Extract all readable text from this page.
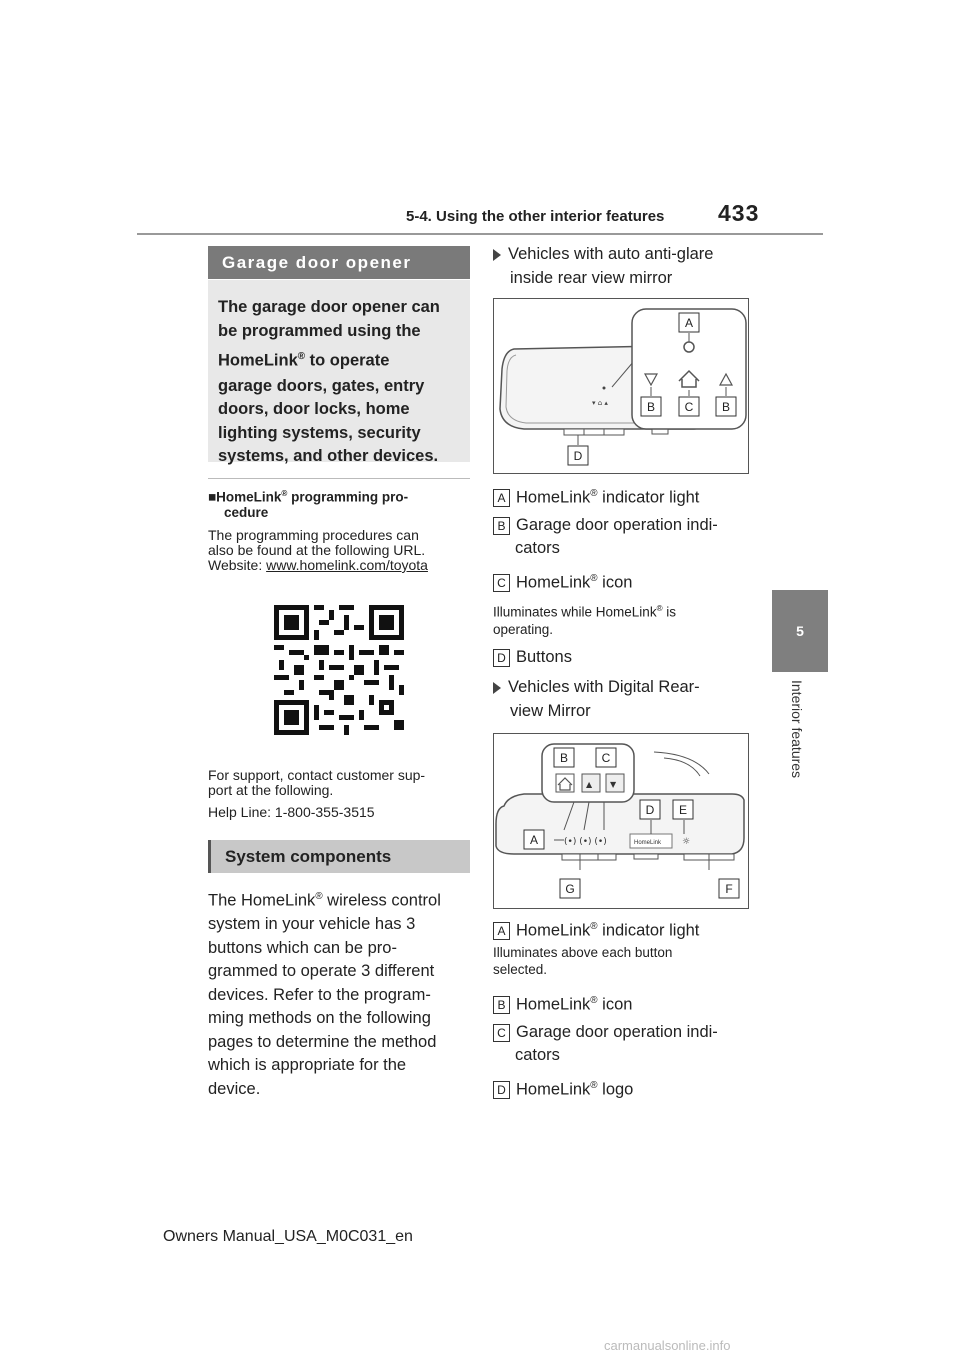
5-4. Using the other interior features 433
5
Interior features
Garage door opener
The garage door opener can
be programmed using the
HomeLink® to operate
garage doors, gates, entry
doors, door locks, home
lighting systems, security
systems, and other devices.
■HomeLink® programming pro-
cedure
The programming procedures can
also be found at the following URL.
Website: www.homelink.com/toyota
For support, contact customer sup-
port at the following.
Help Line: 1-800-355-3515
System components
The HomeLink® wireless control
system in your vehicle has 3
buttons which can be pro-
grammed to operate 3 different
devices. Refer to the program-
ming methods on the following
pages to determine the method
which is appropriate for the
device.
Vehicles with auto anti-glare
inside rear view mirror
▾ ⌂ ▴
A
B C B
D
A HomeLink® indicator light
B Garage door operation indi-
cators
C HomeLink® icon
Illuminates while HomeLink® is
operating.
D Buttons
Vehicles with Digital Rear-
view Mirror
(•) (•) (•)	HomeLink ☼
▲ ▼
B	C
D E
A
G	F
A HomeLink® indicator light
Illuminates above each button
selected.
B HomeLink® icon
C Garage door operation indi-
cators
D HomeLink® logo
Owners Manual_USA_M0C031_en
carmanualsonline.info
